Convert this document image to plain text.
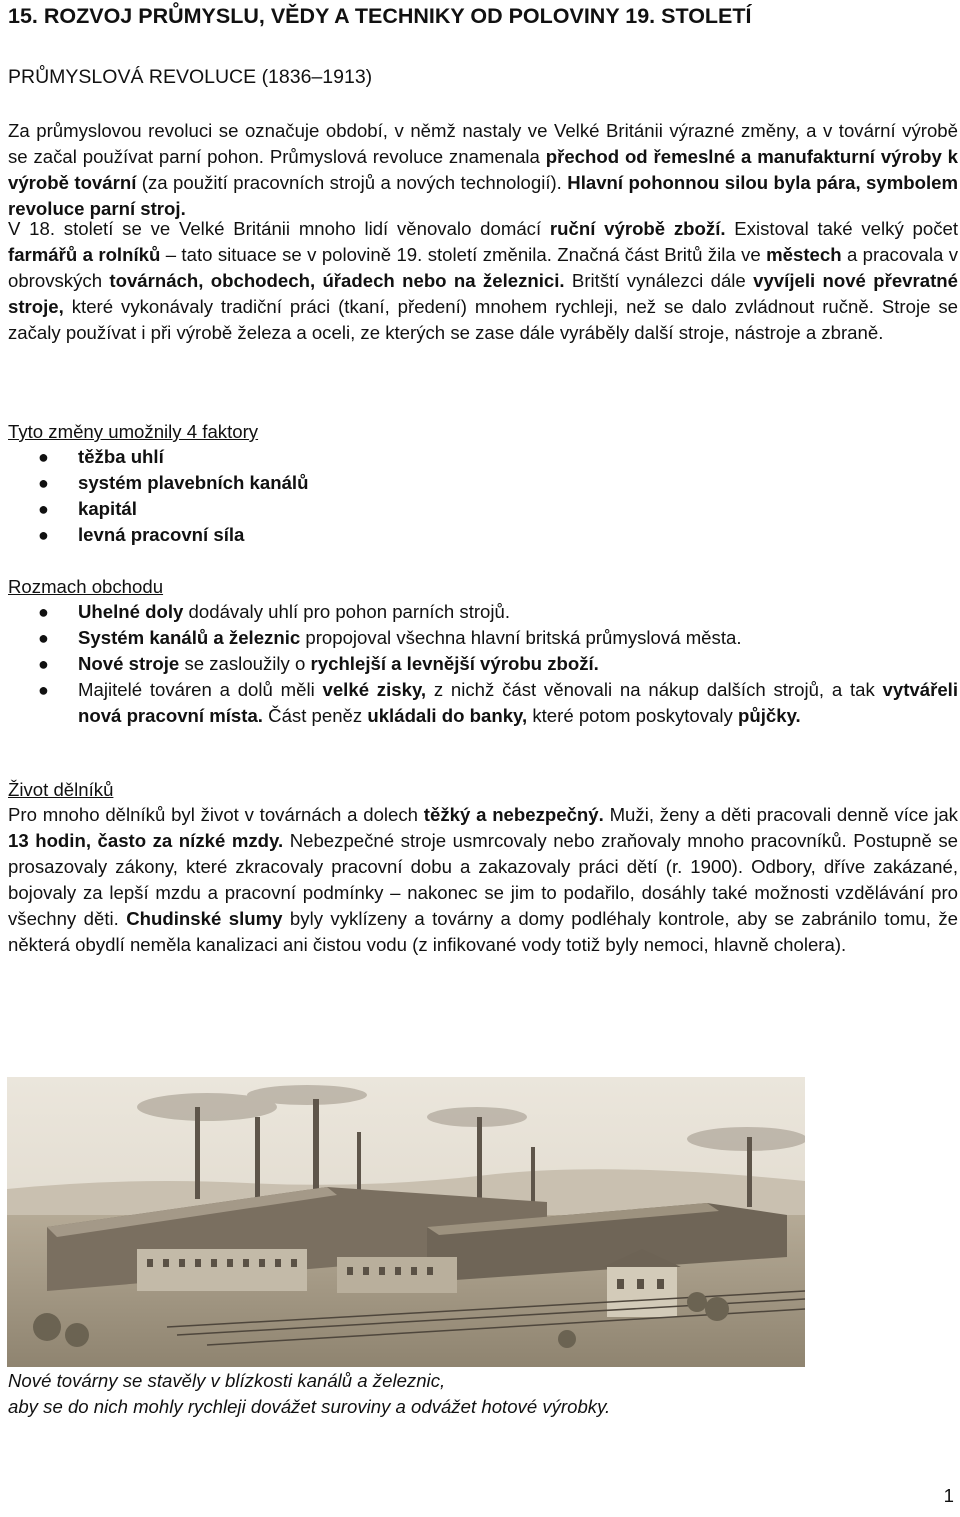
15. ROZVOJ PRŮMYSLU, VĚDY A TECHNIKY OD POLOVINY 19. STOLETÍ
PRŮMYSLOVÁ REVOLUCE (1836–1913)

Za průmyslovou revoluci se označuje období, v němž nastaly ve Velké Británii výrazné změny, a v tovární výrobě se začal používat parní pohon. Průmyslová revoluce znamenala přechod od řemeslné a manufakturní výroby k výrobě tovární (za použití pracovních strojů a nových technologií). Hlavní pohonnou silou byla pára, symbolem revoluce parní stroj.

V 18. století se ve Velké Británii mnoho lidí věnovalo domácí ruční výrobě zboží. Existoval také velký počet farmářů a rolníků – tato situace se v polovině 19. století změnila. Značná část Britů žila ve městech a pracovala v obrovských továrnách, obchodech, úřadech nebo na železnici. Britští vynálezci dále vyvíjeli nové převratné stroje, které vykonávaly tradiční práci (tkaní, předení) mnohem rychleji, než se dalo zvládnout ručně. Stroje se začaly používat i při výrobě železa a oceli, ze kterých se zase dále vyráběly další stroje, nástroje a zbraně.

Tyto změny umožnily 4 faktory
● těžba uhlí
● systém plavebních kanálů
● kapitál
● levná pracovní síla
Rozmach obchodu
● Uhelné doly dodávaly uhlí pro pohon parních strojů.
● Systém kanálů a železnic propojoval všechna hlavní britská průmyslová města.
● Nové stroje se zasloužily o rychlejší a levnější výrobu zboží.
● Majitelé továren a dolů měli velké zisky, z nichž část věnovali na nákup dalších strojů, a tak vytvářeli nová pracovní místa. Část peněz ukládali do banky, které potom poskytovaly půjčky.
Život dělníků

Pro mnoho dělníků byl život v továrnách a dolech těžký a nebezpečný. Muži, ženy a děti pracovali denně více jak 13 hodin, často za nízké mzdy. Nebezpečné stroje usmrcovaly nebo zraňovaly mnoho pracovníků. Postupně se prosazovaly zákony, které zkracovaly pracovní dobu a zakazovaly práci dětí (r. 1900). Odbory, dříve zakázané, bojovaly za lepší mzdu a pracovní podmínky – nakonec se jim to podařilo, dosáhly také možnosti vzdělávání pro všechny děti. Chudinské slumy byly vyklízeny a továrny a domy podléhaly kontrole, aby se zabránilo tomu, že některá obydlí neměla kanalizaci ani čistou vodu (z infikované vody totiž byly nemoci, hlavně cholera).

Nové továrny se stavěly v blízkosti kanálů a železnic,
aby se do nich mohly rychleji dovážet suroviny a odvážet hotové výrobky.

1
